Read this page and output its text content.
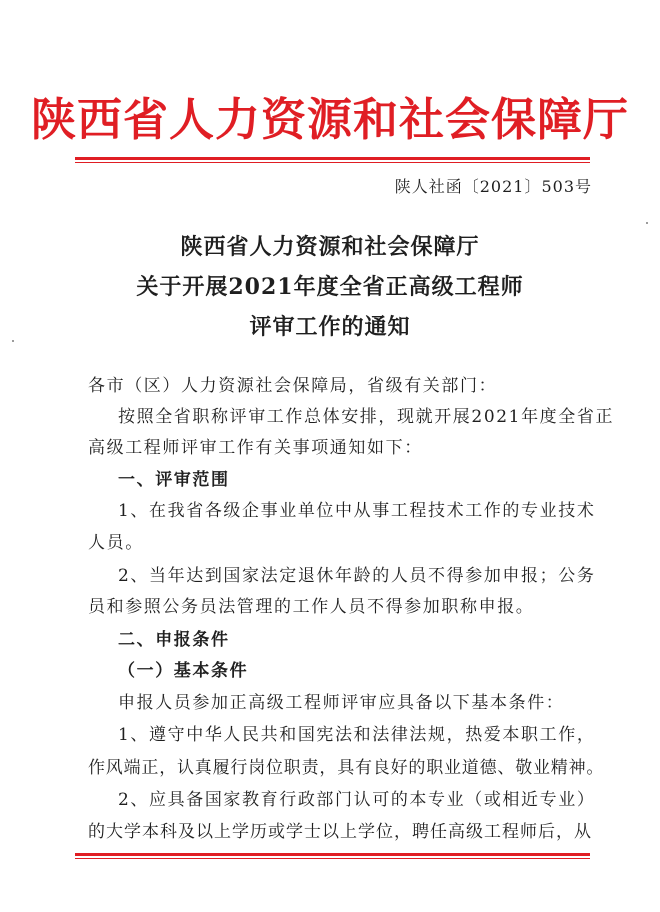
陕西省人力资源和社会保障厅
陕人社函〔2021〕503号
陕西省人力资源和社会保障厅
关于开展2021年度全省正高级工程师
评审工作的通知
各市（区）人力资源社会保障局，省级有关部门：
按照全省职称评审工作总体安排，现就开展2021年度全省正
高级工程师评审工作有关事项通知如下：
一、评审范围
1、在我省各级企事业单位中从事工程技术工作的专业技术
人员。
2、当年达到国家法定退休年龄的人员不得参加申报；公务
员和参照公务员法管理的工作人员不得参加职称申报。
二、申报条件
（一）基本条件
申报人员参加正高级工程师评审应具备以下基本条件：
1、遵守中华人民共和国宪法和法律法规，热爱本职工作，
作风端正，认真履行岗位职责，具有良好的职业道德、敬业精神。
2、应具备国家教育行政部门认可的本专业（或相近专业）
的大学本科及以上学历或学士以上学位，聘任高级工程师后，从
